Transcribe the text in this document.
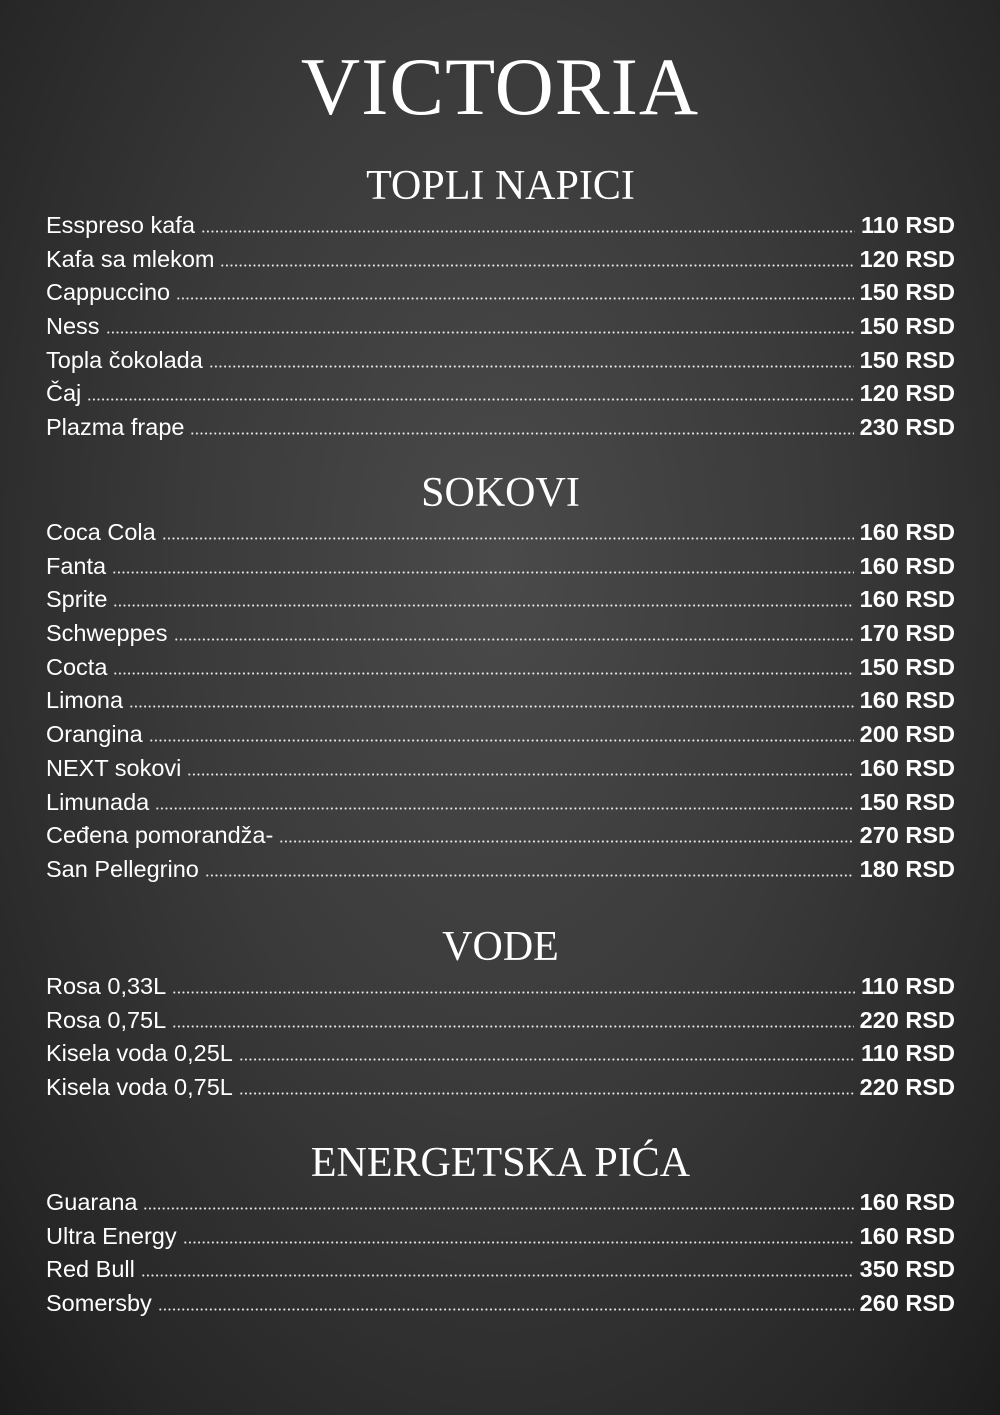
VICTORIA
TOPLI NAPICI
Esspreso kafa	110 RSD
Kafa sa mlekom	120 RSD
Cappuccino	150 RSD
Ness	150 RSD
Topla čokolada	150 RSD
Čaj	120 RSD
Plazma frape	230 RSD
SOKOVI
Coca Cola	160 RSD
Fanta	160 RSD
Sprite	160 RSD
Schweppes	170 RSD
Cocta	150 RSD
Limona	160 RSD
Orangina	200 RSD
NEXT sokovi	160 RSD
Limunada	150 RSD
Ceđena pomorandža-	270 RSD
San Pellegrino	180 RSD
VODE
Rosa 0,33L	110 RSD
Rosa 0,75L	220 RSD
Kisela voda 0,25L	110 RSD
Kisela voda 0,75L	220 RSD
ENERGETSKA PIĆA
Guarana	160 RSD
Ultra Energy	160 RSD
Red Bull	350 RSD
Somersby	260 RSD
